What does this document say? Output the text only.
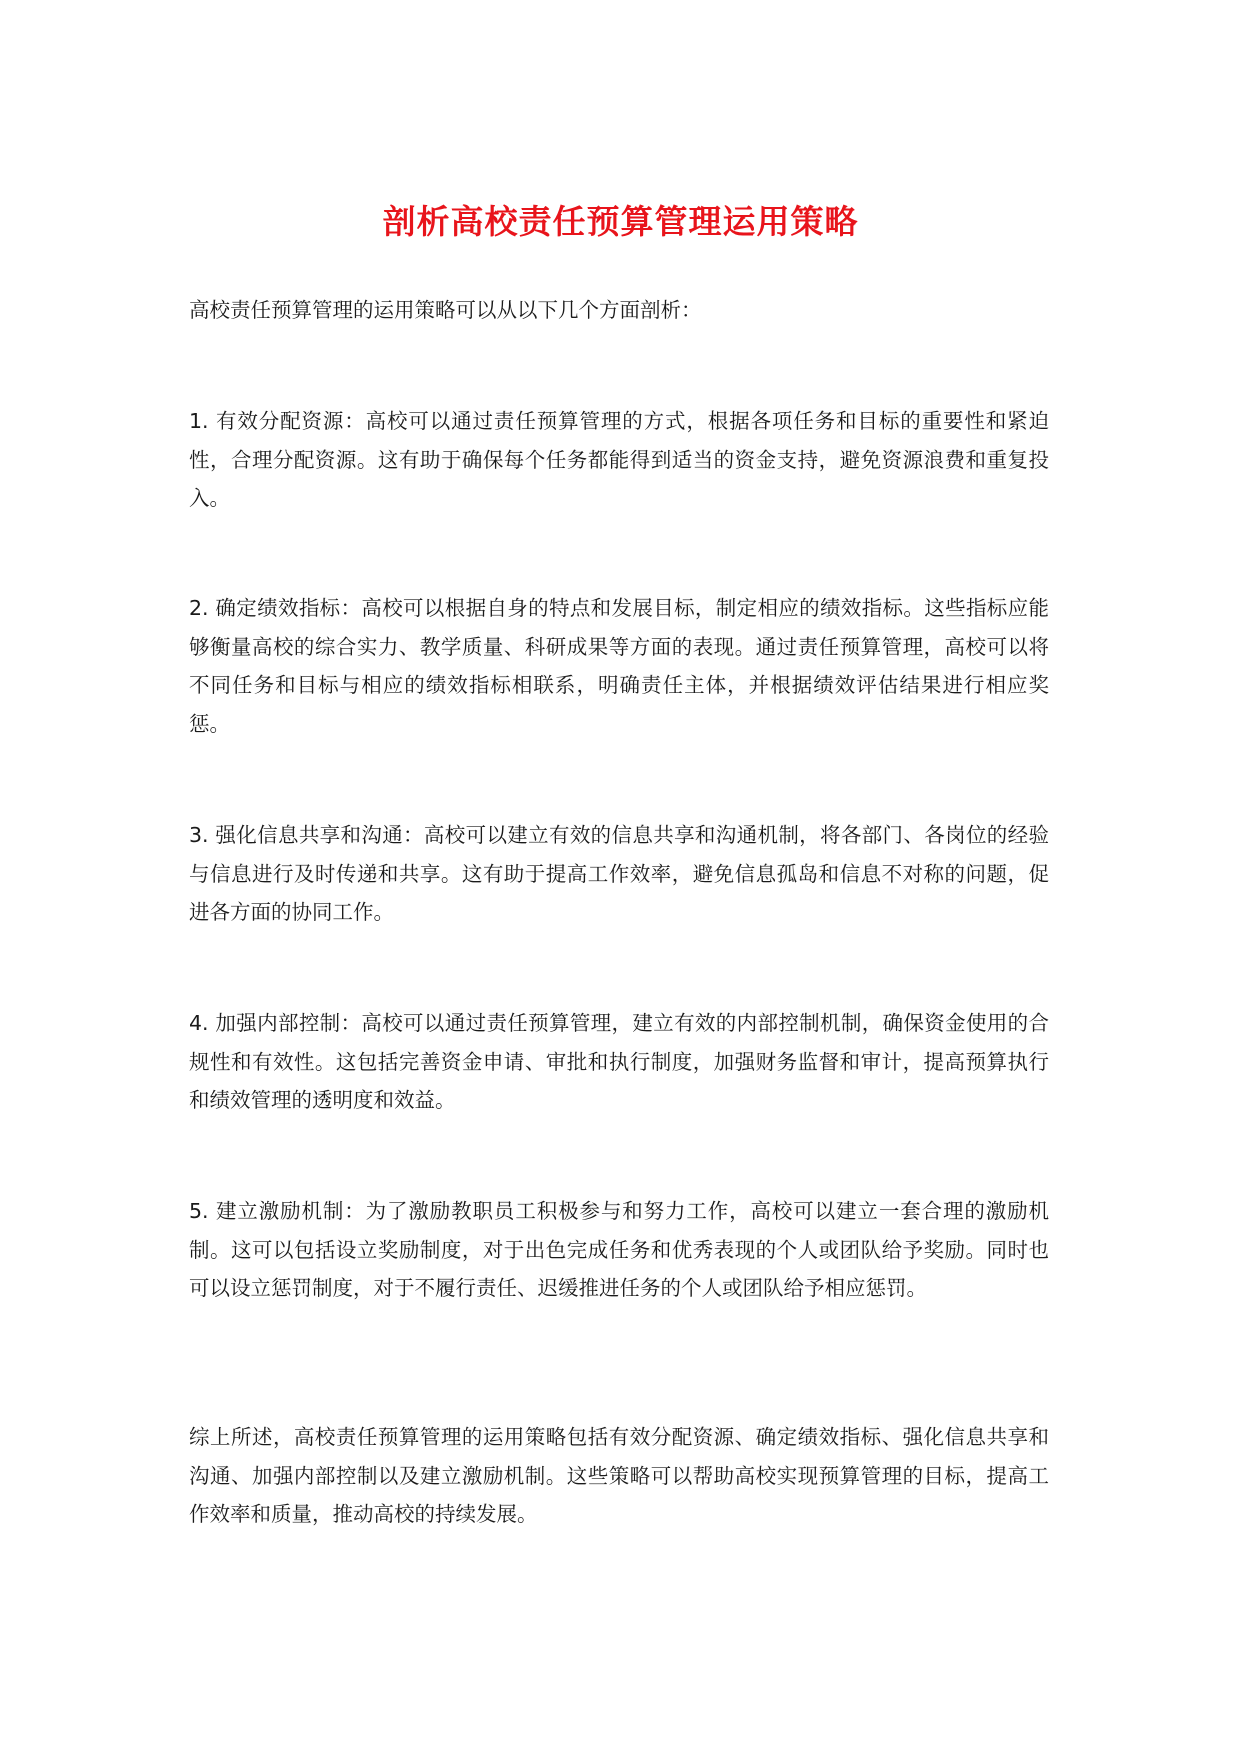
剖析高校责任预算管理运用策略

高校责任预算管理的运用策略可以从以下几个方面剖析：

1. 有效分配资源：高校可以通过责任预算管理的方式，根据各项任务和目标的重要性和紧迫性，合理分配资源。这有助于确保每个任务都能得到适当的资金支持，避免资源浪费和重复投入。

2. 确定绩效指标：高校可以根据自身的特点和发展目标，制定相应的绩效指标。这些指标应能够衡量高校的综合实力、教学质量、科研成果等方面的表现。通过责任预算管理，高校可以将不同任务和目标与相应的绩效指标相联系，明确责任主体，并根据绩效评估结果进行相应奖惩。

3. 强化信息共享和沟通：高校可以建立有效的信息共享和沟通机制，将各部门、各岗位的经验与信息进行及时传递和共享。这有助于提高工作效率，避免信息孤岛和信息不对称的问题，促进各方面的协同工作。

4. 加强内部控制：高校可以通过责任预算管理，建立有效的内部控制机制，确保资金使用的合规性和有效性。这包括完善资金申请、审批和执行制度，加强财务监督和审计，提高预算执行和绩效管理的透明度和效益。

5. 建立激励机制：为了激励教职员工积极参与和努力工作，高校可以建立一套合理的激励机制。这可以包括设立奖励制度，对于出色完成任务和优秀表现的个人或团队给予奖励。同时也可以设立惩罚制度，对于不履行责任、迟缓推进任务的个人或团队给予相应惩罚。

综上所述，高校责任预算管理的运用策略包括有效分配资源、确定绩效指标、强化信息共享和沟通、加强内部控制以及建立激励机制。这些策略可以帮助高校实现预算管理的目标，提高工作效率和质量，推动高校的持续发展。
